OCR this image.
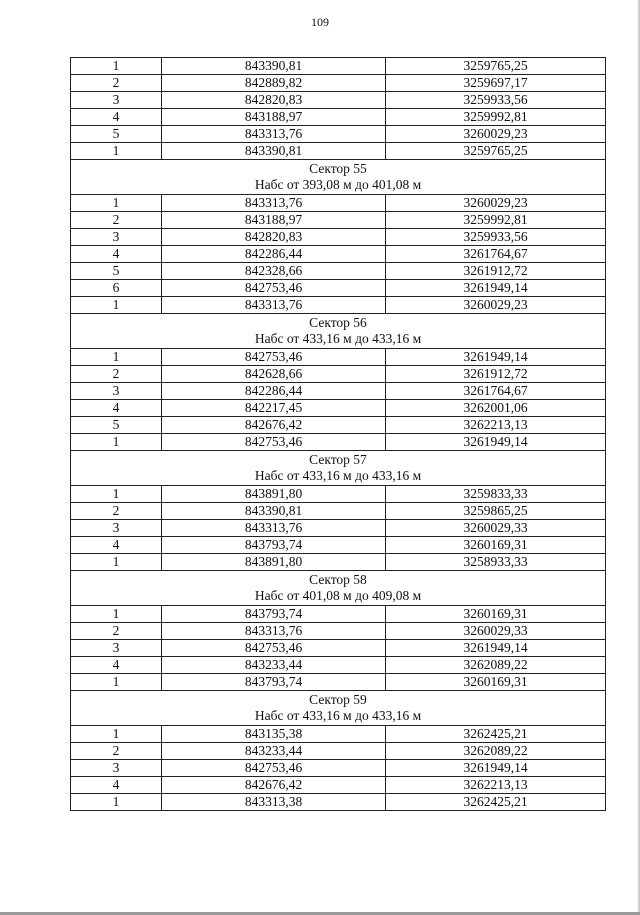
109
1	843390,81	3259765,25
2	842889,82	3259697,17
3	842820,83	3259933,56
4	843188,97	3259992,81
5	843313,76	3260029,23
1	843390,81	3259765,25

Сектор 55
Набс от 393,08 м до 401,08 м		

1	843313,76	3260029,23
2	843188,97	3259992,81
3	842820,83	3259933,56
4	842286,44	3261764,67
5	842328,66	3261912,72
6	842753,46	3261949,14
1	843313,76	3260029,23

Сектор 56
Набс от 433,16 м до 433,16 м		

1	842753,46	3261949,14
2	842628,66	3261912,72
3	842286,44	3261764,67
4	842217,45	3262001,06
5	842676,42	3262213,13
1	842753,46	3261949,14

Сектор 57
Набс от 433,16 м до 433,16 м		

1	843891,80	3259833,33
2	843390,81	3259865,25
3	843313,76	3260029,33
4	843793,74	3260169,31
1	843891,80	3258933,33

Сектор 58
Набс от 401,08 м до 409,08 м		

1	843793,74	3260169,31
2	843313,76	3260029,33
3	842753,46	3261949,14
4	843233,44	3262089,22
1	843793,74	3260169,31

Сектор 59
Набс от 433,16 м до 433,16 м		

1	843135,38	3262425,21
2	843233,44	3262089,22
3	842753,46	3261949,14
4	842676,42	3262213,13
1	843313,38	3262425,21
